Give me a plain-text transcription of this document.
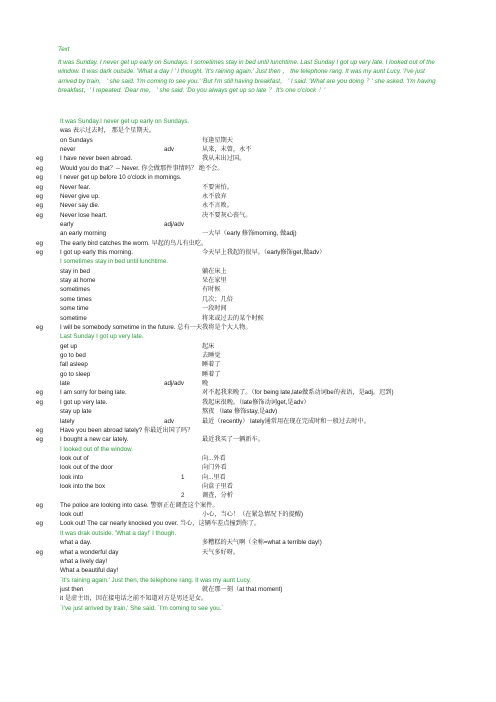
Text
It was Sunday. I never get up early on Sundays. I sometimes stay in bed until lunchtime. Last Sunday I got up very late. I looked out of the window. It was dark outside. 'What a day ! ' I thought. 'It's raining again.' Just then ， the telephone rang. It was my aunt Lucy. 'I've just arrived by train， ' she said. 'I'm coming to see you.' 'But I'm still having breakfast， ' I said. 'What are you doing ？' she asked. 'I'm having breakfast，' I repeated. 'Dear me， ' she said. 'Do you always get up so late ？ It's one o'clock ！'
It was Sunday.I never get up early on Sundays.
was 表示过去时， 那是个星期天。
on Sundays	每逢星期天
never	adv	从来，未曾，永不
eg	I have never been abroad.	我从未出过国。
eg	Would you do that？-- Never. 你会做那件事情吗？ 绝不会。
eg	I never get up before 10 o'clock in mornings.
eg	Never fear.	不要害怕。
eg	Never give up.	永不放弃
eg	Never say die.	永不言败。
eg	Never lose heart.	决不要灰心丧气。
early	adj/adv
an early morning	一大早（early 修饰morning, 做adj)
eg	The early bird catches the worm. 早起的鸟儿有虫吃。
eg	I got up early this morning.	今天早上我起的很早。（early修饰get,做adv）
I sometimes stay in bed until lunchtime.
stay in bed	躺在床上
stay at home	呆在家里
sometimes	有时候
some times	几次；几倍
some time	一段时间
sometime	将来或过去的某个时候
eg	I will be somebody sometime in the future. 总有一天我将是个大人物。
Last Sunday I got up very late.
get up	起床
go to bed	去睡觉
fall asleep	睡着了
go to sleep	睡着了
late	adj/adv	晚
eg	I am sorry for being late.	对不起我来晚了。（for being late,late做系动词be的表语，是adj。迟到)
eg	I got up very late.	我起床很晚。（late修饰动词get,是adv）
stay up late	熬夜 （late 修饰stay,是adv)
lately	adv	最近（recently） lately通常用在现在完成时和一般过去时中。
eg	Have you been abroad lately? 你最近出国了吗？
eg	I bought a new car lately.	最近我买了一辆新车。
I looked out of the window.
look out of	向...外看
look out of the door	向门外看
look into	1	向...里看
look into the box	向盒子里看
2	调查，分析
eg	The police are looking into case. 警察正在调查这个案件。
look out!	小心，当心！（在紧急情况下的提醒)
eg	Look out! The car nearly knocked you over. 当心，这辆车差点撞到你了。
It was drak outside. 'What a day!' I though.
what a day.	多糟糕的天气啊（全称=what a terrible day!)
eg	what a wonderful day	天气多好呀。
what a lively day!
What a beautiful day!
`It's raining again.' Just then, the telephone rang. It was my aunt Lucy.
just then	就在那一刻（at that moment)
it 是虚主语，因在接电话之前不知道对方是男还是女。
`I've just arrived by train,' She said. `I'm coming to see you.`
